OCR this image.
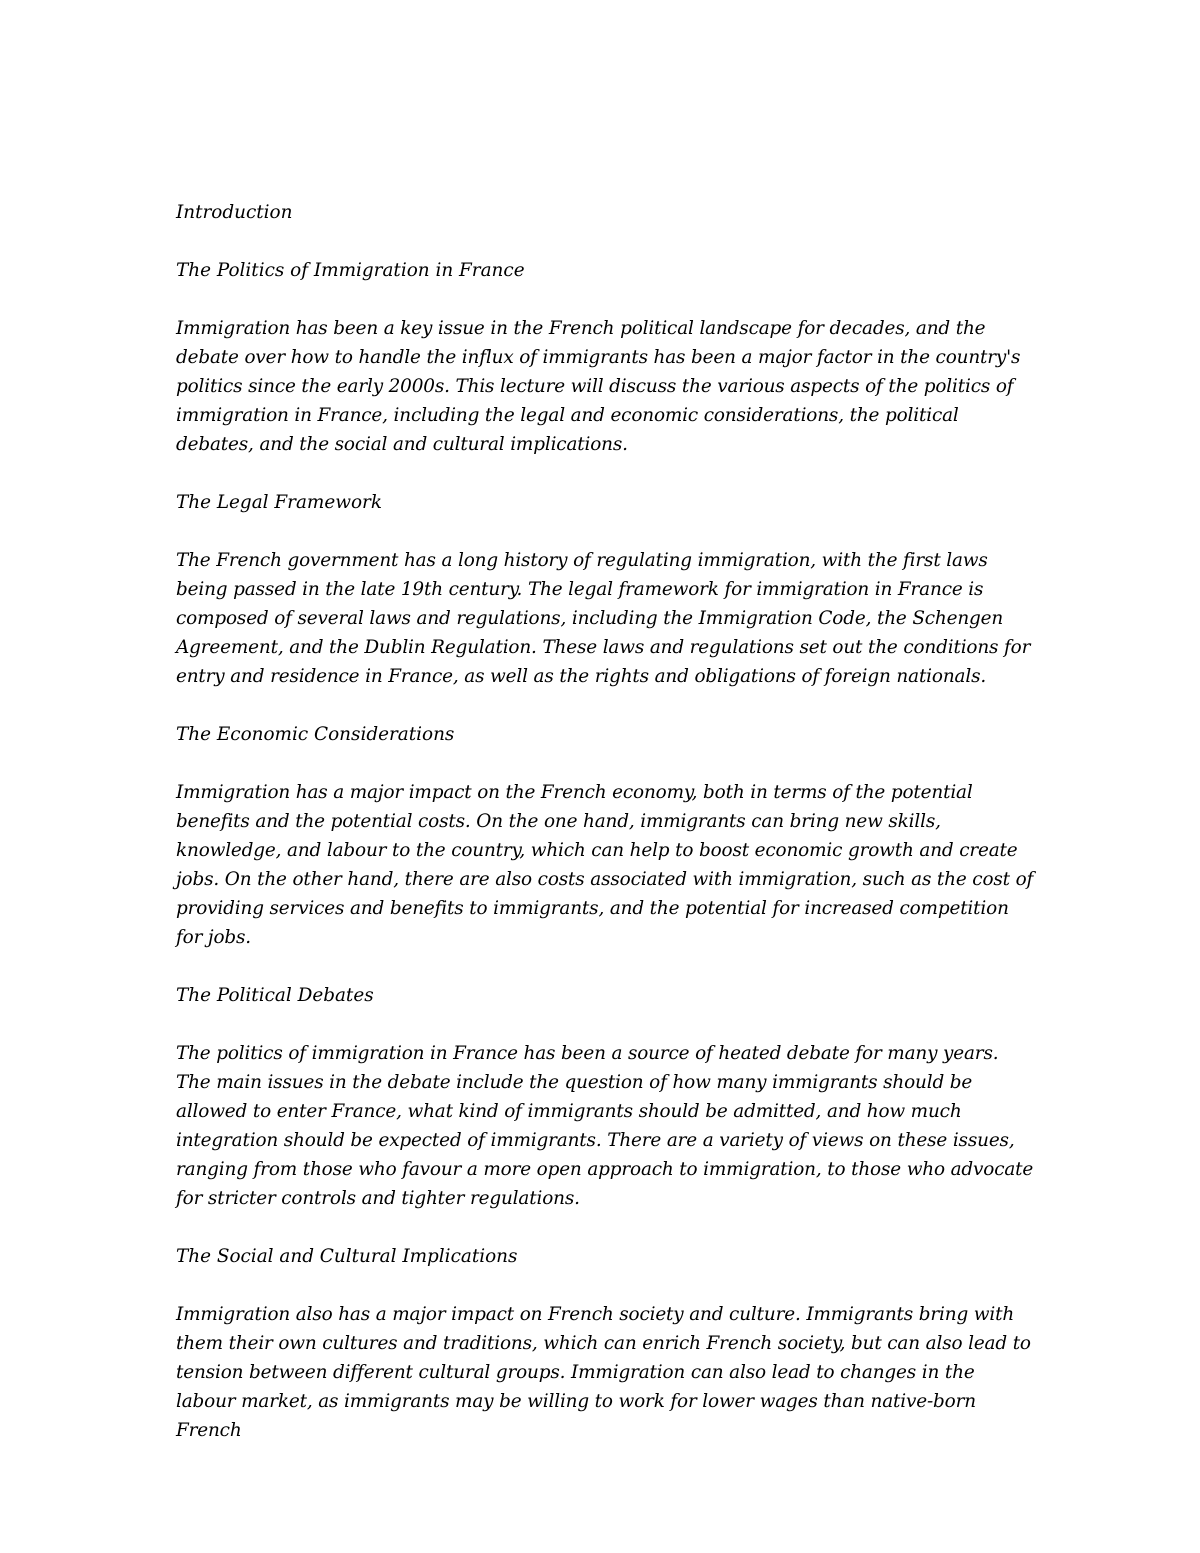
Introduction

The Politics of Immigration in France

Immigration has been a key issue in the French political landscape for decades, and the debate over how to handle the influx of immigrants has been a major factor in the country's politics since the early 2000s. This lecture will discuss the various aspects of the politics of immigration in France, including the legal and economic considerations, the political debates, and the social and cultural implications.

The Legal Framework

The French government has a long history of regulating immigration, with the first laws being passed in the late 19th century. The legal framework for immigration in France is composed of several laws and regulations, including the Immigration Code, the Schengen Agreement, and the Dublin Regulation. These laws and regulations set out the conditions for entry and residence in France, as well as the rights and obligations of foreign nationals.

The Economic Considerations

Immigration has a major impact on the French economy, both in terms of the potential benefits and the potential costs. On the one hand, immigrants can bring new skills, knowledge, and labour to the country, which can help to boost economic growth and create jobs. On the other hand, there are also costs associated with immigration, such as the cost of providing services and benefits to immigrants, and the potential for increased competition for jobs.

The Political Debates

The politics of immigration in France has been a source of heated debate for many years. The main issues in the debate include the question of how many immigrants should be allowed to enter France, what kind of immigrants should be admitted, and how much integration should be expected of immigrants. There are a variety of views on these issues, ranging from those who favour a more open approach to immigration, to those who advocate for stricter controls and tighter regulations.

The Social and Cultural Implications

Immigration also has a major impact on French society and culture. Immigrants bring with them their own cultures and traditions, which can enrich French society, but can also lead to tension between different cultural groups. Immigration can also lead to changes in the labour market, as immigrants may be willing to work for lower wages than native-born French
